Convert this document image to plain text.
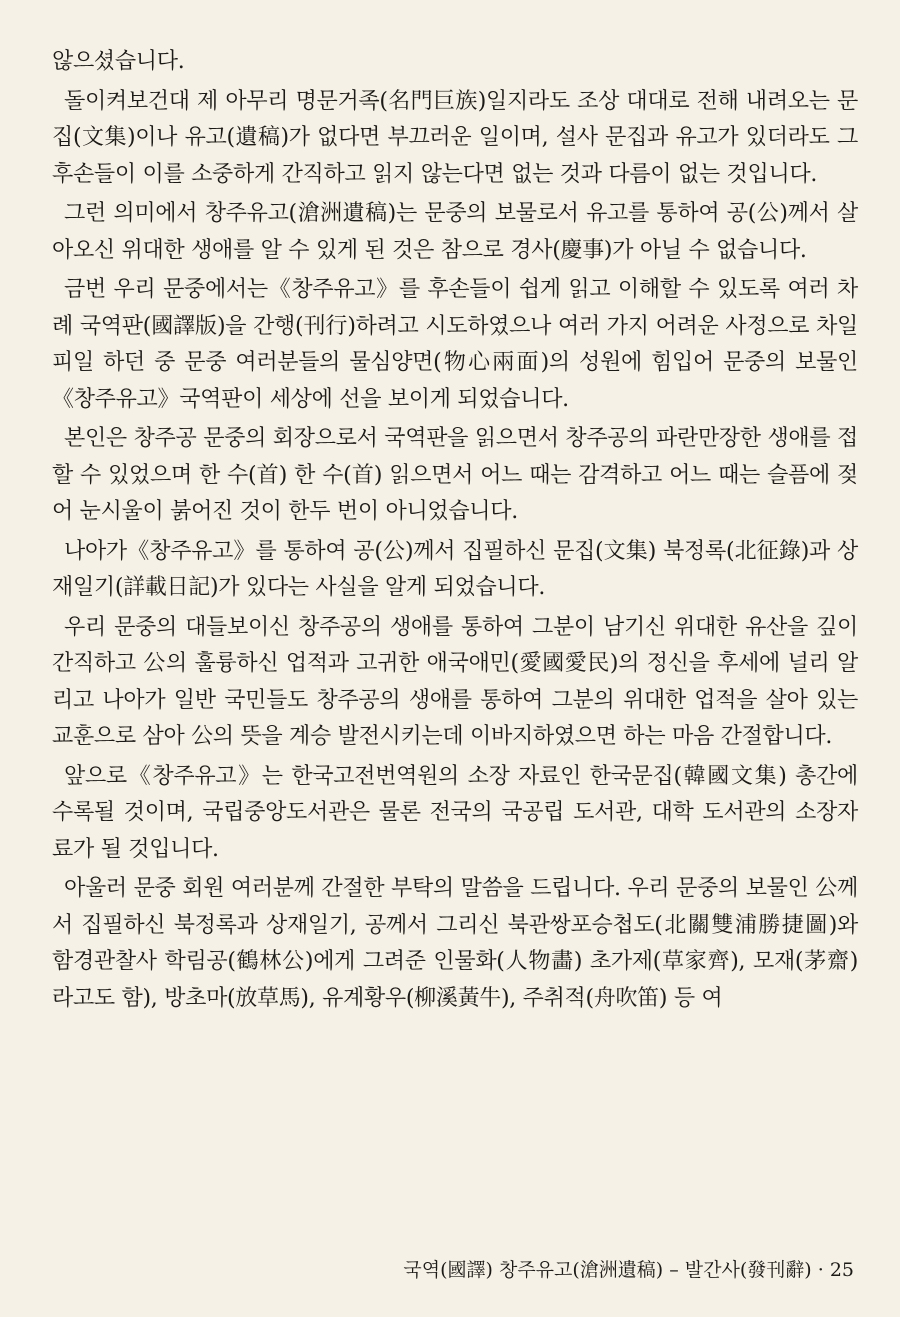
않으셨습니다.

돌이켜보건대 제 아무리 명문거족(名門巨族)일지라도 조상 대대로 전해 내려오는 문집(文集)이나 유고(遺稿)가 없다면 부끄러운 일이며, 설사 문집과 유고가 있더라도 그 후손들이 이를 소중하게 간직하고 읽지 않는다면 없는 것과 다름이 없는 것입니다.

그런 의미에서 창주유고(滄洲遺稿)는 문중의 보물로서 유고를 통하여 공(公)께서 살아오신 위대한 생애를 알 수 있게 된 것은 참으로 경사(慶事)가 아닐 수 없습니다.

금번 우리 문중에서는《창주유고》를 후손들이 쉽게 읽고 이해할 수 있도록 여러 차례 국역판(國譯版)을 간행(刊行)하려고 시도하였으나 여러 가지 어려운 사정으로 차일피일 하던 중 문중 여러분들의 물심양면(物心兩面)의 성원에 힘입어 문중의 보물인《창주유고》국역판이 세상에 선을 보이게 되었습니다.

본인은 창주공 문중의 회장으로서 국역판을 읽으면서 창주공의 파란만장한 생애를 접할 수 있었으며 한 수(首) 한 수(首) 읽으면서 어느 때는 감격하고 어느 때는 슬픔에 젖어 눈시울이 붉어진 것이 한두 번이 아니었습니다.

나아가《창주유고》를 통하여 공(公)께서 집필하신 문집(文集) 북정록(北征錄)과 상재일기(詳載日記)가 있다는 사실을 알게 되었습니다.

우리 문중의 대들보이신 창주공의 생애를 통하여 그분이 남기신 위대한 유산을 깊이 간직하고 公의 훌륭하신 업적과 고귀한 애국애민(愛國愛民)의 정신을 후세에 널리 알리고 나아가 일반 국민들도 창주공의 생애를 통하여 그분의 위대한 업적을 살아 있는 교훈으로 삼아 公의 뜻을 계승 발전시키는데 이바지하였으면 하는 마음 간절합니다.

앞으로《창주유고》는 한국고전번역원의 소장 자료인 한국문집(韓國文集) 총간에 수록될 것이며, 국립중앙도서관은 물론 전국의 국공립 도서관, 대학 도서관의 소장자료가 될 것입니다.

아울러 문중 회원 여러분께 간절한 부탁의 말씀을 드립니다. 우리 문중의 보물인 公께서 집필하신 북정록과 상재일기, 공께서 그리신 북관쌍포승첩도(北關雙浦勝捷圖)와 함경관찰사 학림공(鶴林公)에게 그려준 인물화(人物畵) 초가제(草家齊), 모재(茅齋)라고도 함), 방초마(放草馬), 유계황우(柳溪黃牛), 주취적(舟吹笛) 등 여

국역(國譯) 창주유고(滄洲遺稿) – 발간사(發刊辭) · 25
